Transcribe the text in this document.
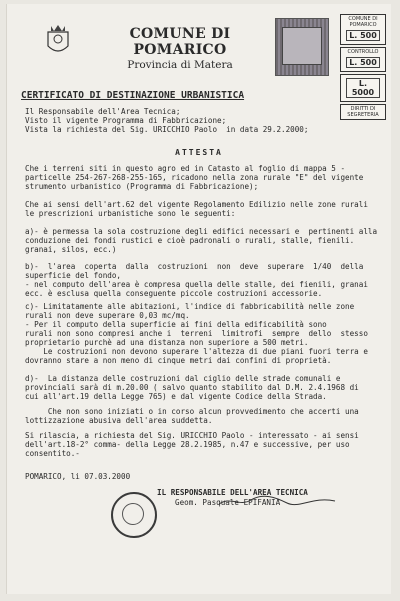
COMUNE DI POMARICO
Provincia di Matera
COMUNE DI POMARICO
L. 500
CONTROLLO
L. 500
L. 5000
DIRITTI DI
SEGRETERIA
CERTIFICATO DI DESTINAZIONE URBANISTICA
Il Responsabile dell'Area Tecnica;
Visto il vigente Programma di Fabbricazione;
Vista la richiesta del Sig. URICCHIO Paolo  in data 29.2.2000;
ATTESTA
Che i terreni siti in questo agro ed in Catasto al foglio di mappa 5 -
particelle 254-267-268-255-165, ricadono nella zona rurale "E" del vigente
strumento urbanistico (Programma di Fabbricazione);
Che ai sensi dell'art.62 del vigente Regolamento Edilizio nelle zone rurali
le prescrizioni urbanistiche sono le seguenti:
a)- è permessa la sola costruzione degli edifici necessari e  pertinenti alla
conduzione dei fondi rustici e cioè padronali o rurali, stalle, fienili.
granai, silos, ecc.)
b)-  l'area  coperta  dalla  costruzioni  non  deve  superare  1/40  della
superficie del fondo,
- nel computo dell'area è compresa quella delle stalle, dei fienili, granai
ecc. è esclusa quella conseguente piccole costruzioni accessorie.
c)- Limitatamente alle abitazioni, l'indice di fabbricabilità nelle zone
rurali non deve superare 0,03 mc/mq.
- Per il computo della superficie ai fini della edificabilità sono
rurali non sono compresi anche i  terreni  limitrofi  sempre  dello  stesso
proprietario purchè ad una distanza non superiore a 500 metri.
Le costruzioni non devono superare l'altezza di due piani fuori terra e
dovranno stare a non meno di cinque metri dai confini di proprietà.
d)-  La distanza delle costruzioni dal ciglio delle strade comunali e
provinciali sarà di m.20.00 ( salvo quanto stabilito dal D.M. 2.4.1968 di
cui all'art.19 della Legge 765) e dal vigente Codice della Strada.
Che non sono iniziati o in corso alcun provvedimento che accerti una
lottizzazione abusiva dell'area suddetta.
Si rilascia, a richiesta del Sig. URICCHIO Paolo - interessato - ai sensi
dell'art.18-2° comma- della Legge 28.2.1985, n.47 e successive, per uso
consentito.-
POMARICO, li 07.03.2000
IL RESPONSABILE DELL'AREA TECNICA
Geom. Pasquale EPIFANIA
